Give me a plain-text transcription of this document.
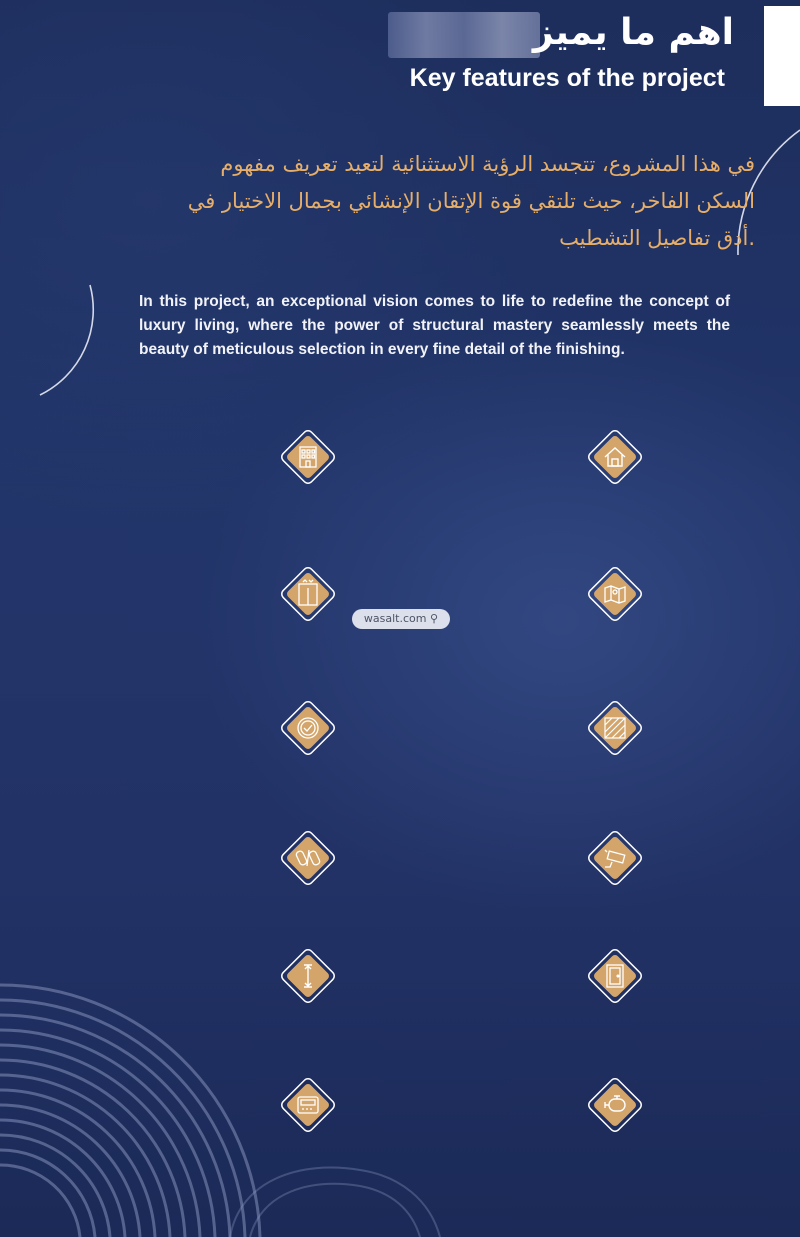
اهم ما يميز
Key features of the project
في هذا المشروع، تتجسد الرؤية الاستثنائية لتعيد تعريف مفهوم
السكن الفاخر، حيث تلتقي قوة الإتقان الإنشائي بجمال الاختيار في
.أدق تفاصيل التشطيب
In this project, an exceptional vision comes to life to redefine the concept of luxury living, where the power of structural mastery seamlessly meets the beauty of meticulous selection in every fine detail of the finishing.
wasalt.com ⚲
